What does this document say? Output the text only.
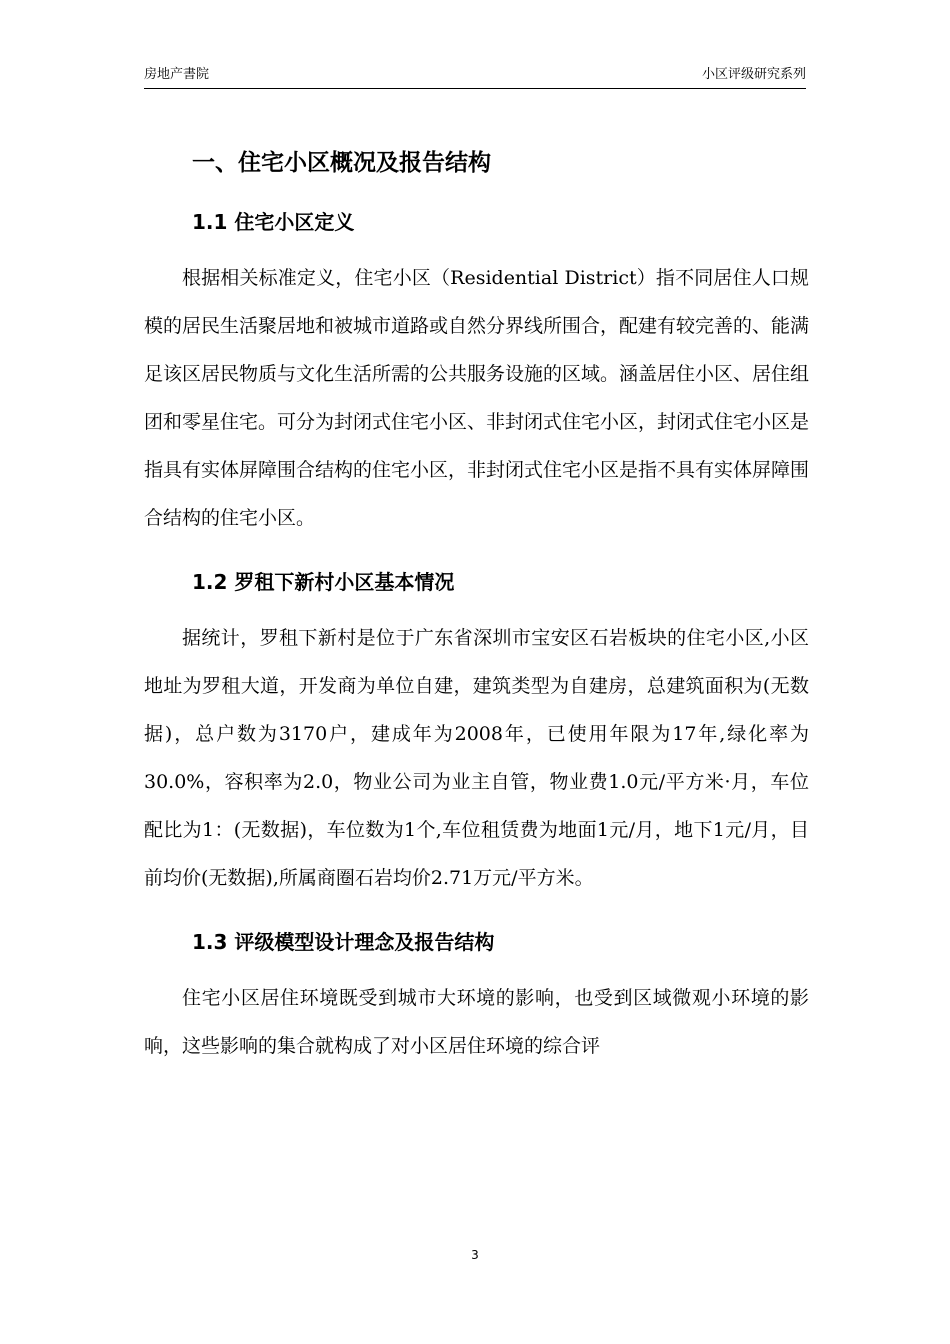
房地产書院	小区评级研究系列
一、住宅小区概况及报告结构
1.1 住宅小区定义

根据相关标准定义，住宅小区（Residential District）指不同居住人口规模的居民生活聚居地和被城市道路或自然分界线所围合，配建有较完善的、能满足该区居民物质与文化生活所需的公共服务设施的区域。涵盖居住小区、居住组团和零星住宅。可分为封闭式住宅小区、非封闭式住宅小区，封闭式住宅小区是指具有实体屏障围合结构的住宅小区，非封闭式住宅小区是指不具有实体屏障围合结构的住宅小区。

1.2 罗租下新村小区基本情况

据统计，罗租下新村是位于广东省深圳市宝安区石岩板块的住宅小区,小区地址为罗租大道，开发商为单位自建，建筑类型为自建房，总建筑面积为(无数据)，总户数为3170户，建成年为2008年，已使用年限为17年,绿化率为30.0%，容积率为2.0，物业公司为业主自管，物业费1.0元/平方米·月，车位配比为1：(无数据)，车位数为1个,车位租赁费为地面1元/月，地下1元/月，目前均价(无数据),所属商圈石岩均价2.71万元/平方米。

1.3 评级模型设计理念及报告结构

住宅小区居住环境既受到城市大环境的影响，也受到区域微观小环境的影响，这些影响的集合就构成了对小区居住环境的综合评

3
